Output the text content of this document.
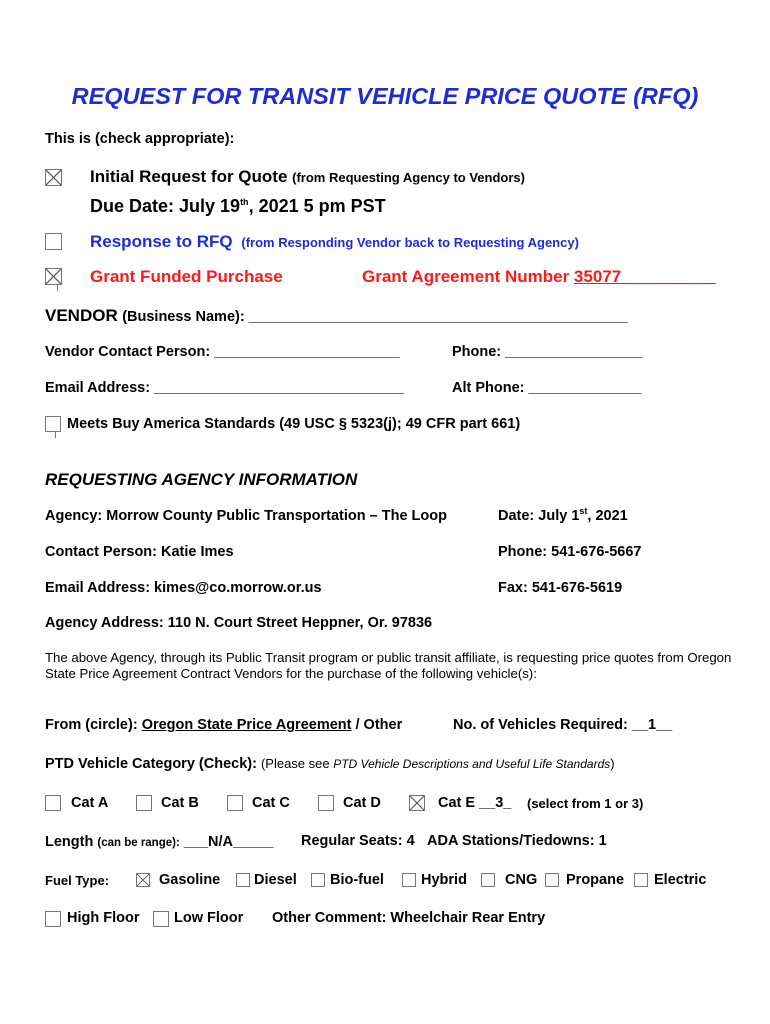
REQUEST FOR TRANSIT VEHICLE PRICE QUOTE (RFQ)
This is (check appropriate):
Initial Request for Quote (from Requesting Agency to Vendors)
Due Date: July 19th, 2021 5 pm PST
Response to RFQ (from Responding Vendor back to Requesting Agency)
Grant Funded Purchase	Grant Agreement Number 35077__________
VENDOR (Business Name): _______________________________________________
Vendor Contact Person: _______________________	Phone: _________________
Email Address: _______________________________	Alt Phone: ______________
Meets Buy America Standards (49 USC § 5323(j); 49 CFR part 661)
REQUESTING AGENCY INFORMATION
Agency: Morrow County Public Transportation – The Loop	Date: July 1st, 2021
Contact Person: Katie Imes	Phone: 541-676-5667
Email Address: kimes@co.morrow.or.us	Fax: 541-676-5619
Agency Address: 110 N. Court Street Heppner, Or. 97836
The above Agency, through its Public Transit program or public transit affiliate, is requesting price quotes from Oregon State Price Agreement Contract Vendors for the purchase of the following vehicle(s):
From (circle): Oregon State Price Agreement / Other	No. of Vehicles Required: __1__
PTD Vehicle Category (Check): (Please see PTD Vehicle Descriptions and Useful Life Standards)
Cat A	Cat B	Cat C	Cat D	Cat E __3_ (select from 1 or 3)
Length (can be range): ___N/A_____ Regular Seats: 4 ADA Stations/Tiedowns: 1
Fuel Type:	Gasoline Diesel Bio-fuel	Hybrid	CNG Propane Electric
High Floor Low Floor Other Comment: Wheelchair Rear Entry
